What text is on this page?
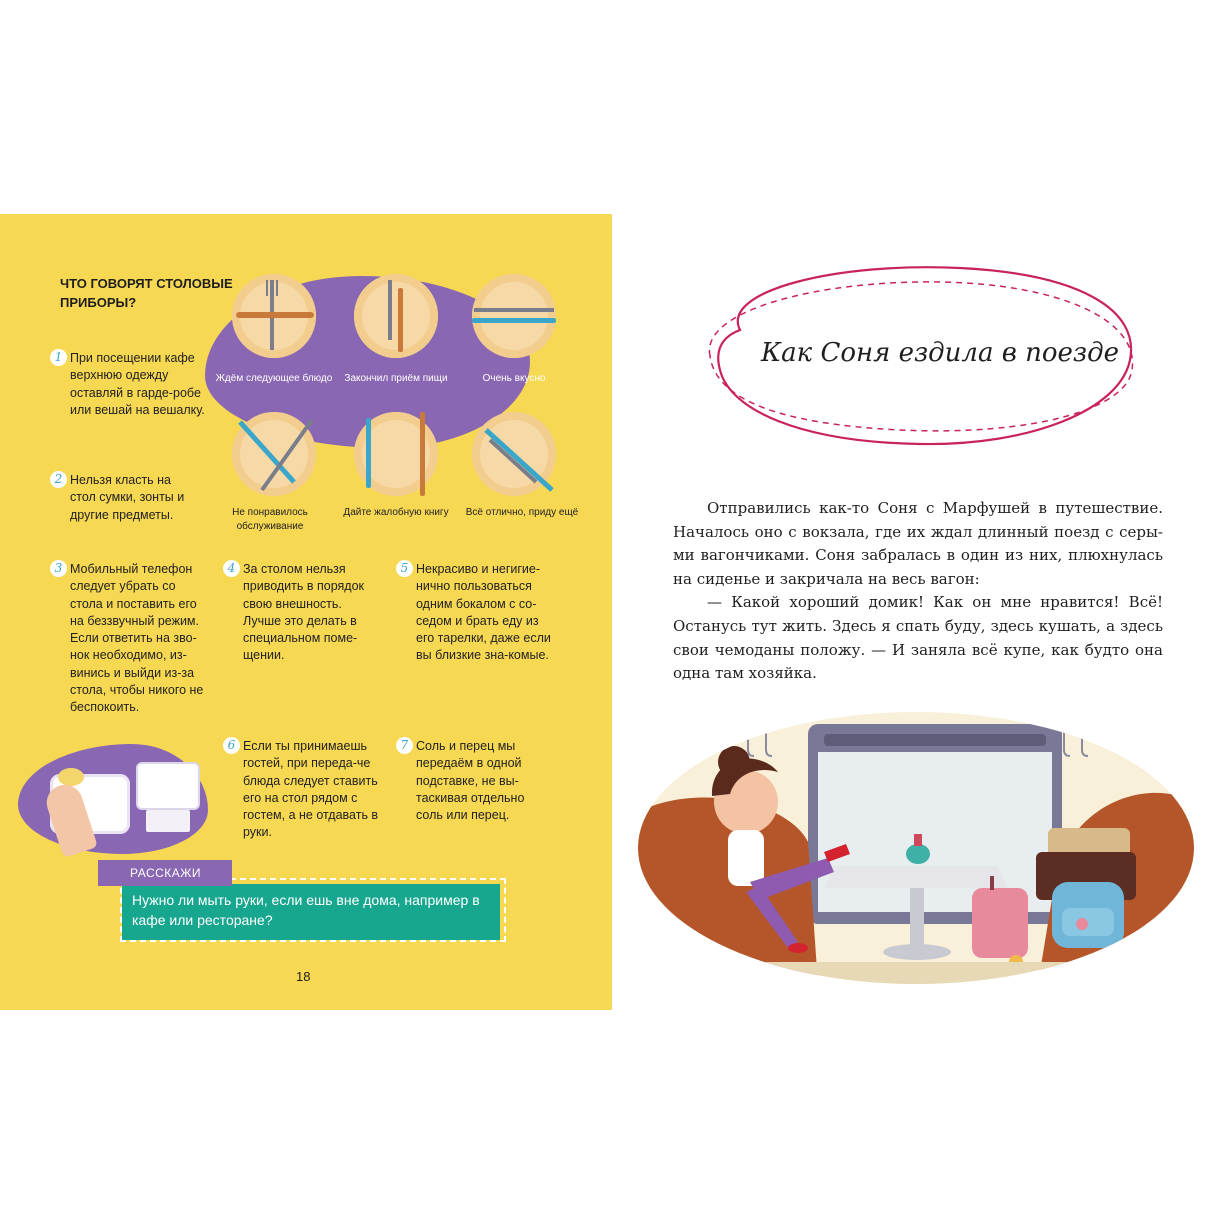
ЧТО ГОВОРЯТ СТОЛОВЫЕ ПРИБОРЫ?
Ждём следующее блюдо	Закончил приём пищи	Очень вкусно
Не понравилось обслуживание
Дайте жалобную книгу	Всё отлично, приду ещё
1 При посещении кафе верхнюю одежду оставляй в гарде-робе или вешай на вешалку.
2 Нельзя класть на стол сумки, зонты и другие предметы.
3 Мобильный телефон следует убрать со стола и поставить его на беззвучный режим. Если ответить на зво-нок необходимо, из-винись и выйди из-за стола, чтобы никого не беспокоить.
4 За столом нельзя приводить в порядок свою внешность. Лучше это делать в специальном поме-щении.
5 Некрасиво и негигие-нично пользоваться одним бокалом с со-седом и брать еду из его тарелки, даже если вы близкие зна-комые.
6 Если ты принимаешь гостей, при переда-че блюда следует ставить его на стол рядом с гостем, а не отдавать в руки.
7 Соль и перец мы передаём в одной подставке, не вы-таскивая отдельно соль или перец.
Нужно ли мыть руки, если ешь вне дома, например в кафе или ресторане?
РАССКАЖИ
18
Как Соня ездила в поезде

Отправились как-то Соня с Марфушей в путешествие. Началось оно с вокзала, где их ждал длинный поезд с серы-ми вагончиками. Соня забралась в один из них, плюхнулась на сиденье и закричала на весь вагон:

— Какой хороший домик! Как он мне нравится! Всё! Останусь тут жить. Здесь я спать буду, здесь кушать, а здесь свои чемоданы положу. — И заняла всё купе, как будто она одна там хозяйка.
